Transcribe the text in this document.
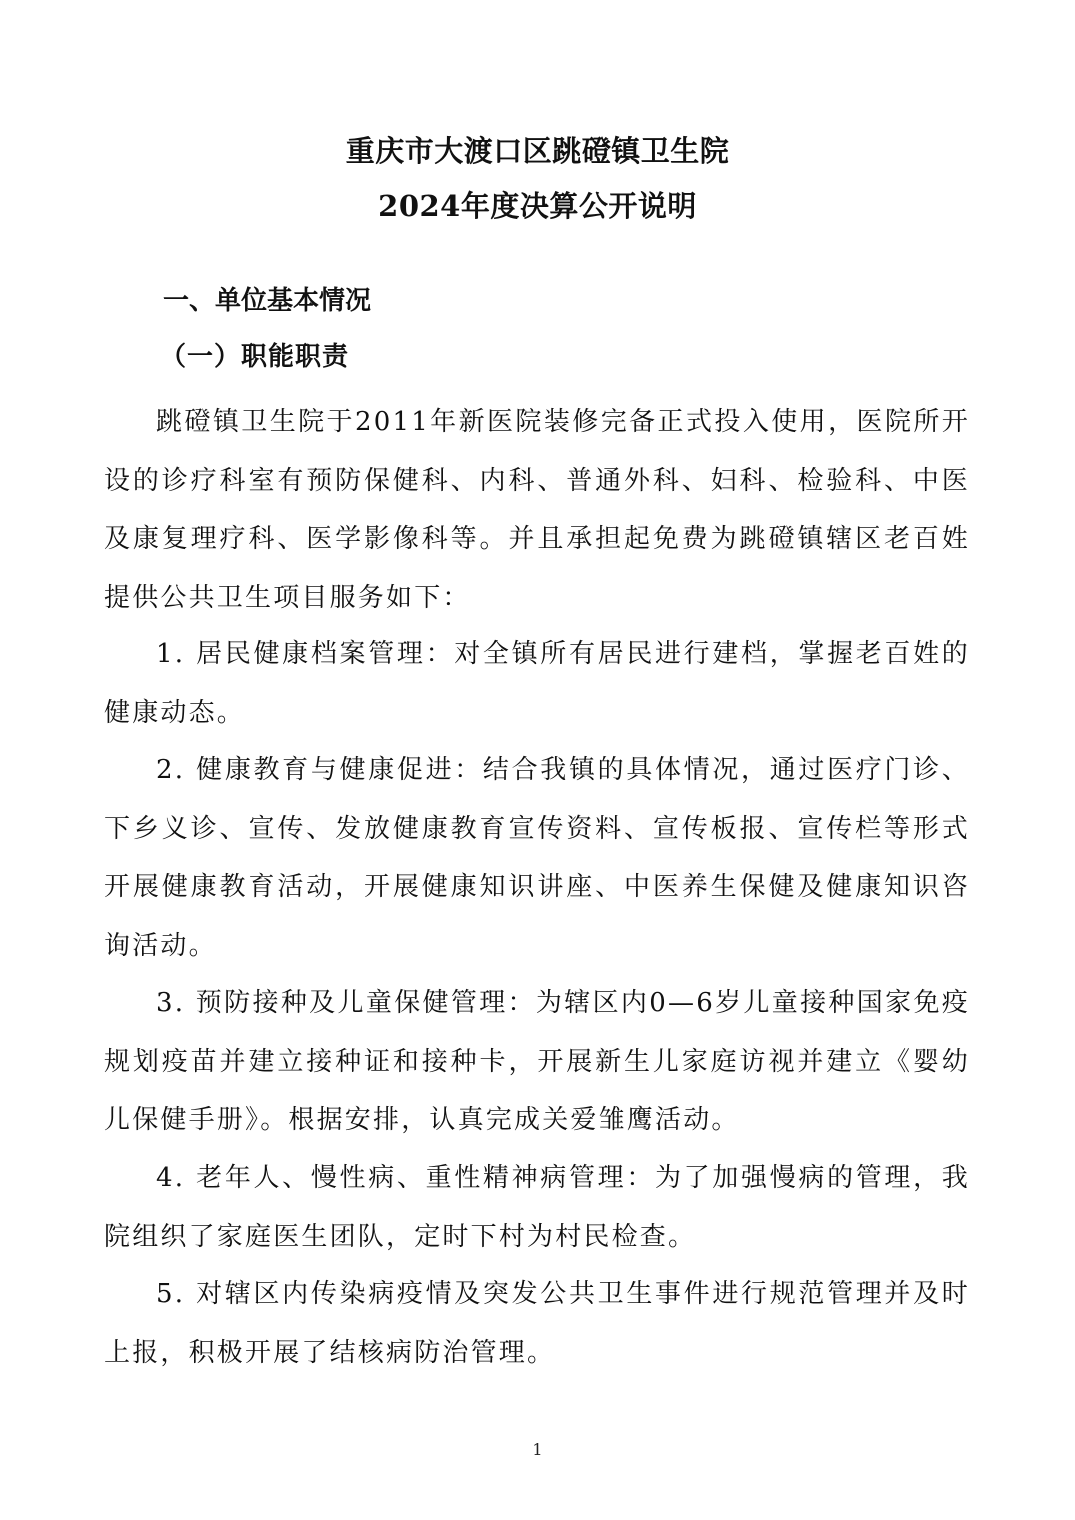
重庆市大渡口区跳磴镇卫生院
2024年度决算公开说明
一、单位基本情况
（一）职能职责

跳磴镇卫生院于2011年新医院装修完备正式投入使用，医院所开设的诊疗科室有预防保健科、内科、普通外科、妇科、检验科、中医及康复理疗科、医学影像科等。并且承担起免费为跳磴镇辖区老百姓提供公共卫生项目服务如下：

1. 居民健康档案管理：对全镇所有居民进行建档，掌握老百姓的健康动态。

2. 健康教育与健康促进：结合我镇的具体情况，通过医疗门诊、下乡义诊、宣传、发放健康教育宣传资料、宣传板报、宣传栏等形式开展健康教育活动，开展健康知识讲座、中医养生保健及健康知识咨询活动。

3. 预防接种及儿童保健管理：为辖区内0—6岁儿童接种国家免疫规划疫苗并建立接种证和接种卡，开展新生儿家庭访视并建立《婴幼儿保健手册》。根据安排，认真完成关爱雏鹰活动。

4. 老年人、慢性病、重性精神病管理：为了加强慢病的管理，我院组织了家庭医生团队，定时下村为村民检查。

5. 对辖区内传染病疫情及突发公共卫生事件进行规范管理并及时上报，积极开展了结核病防治管理。

1
